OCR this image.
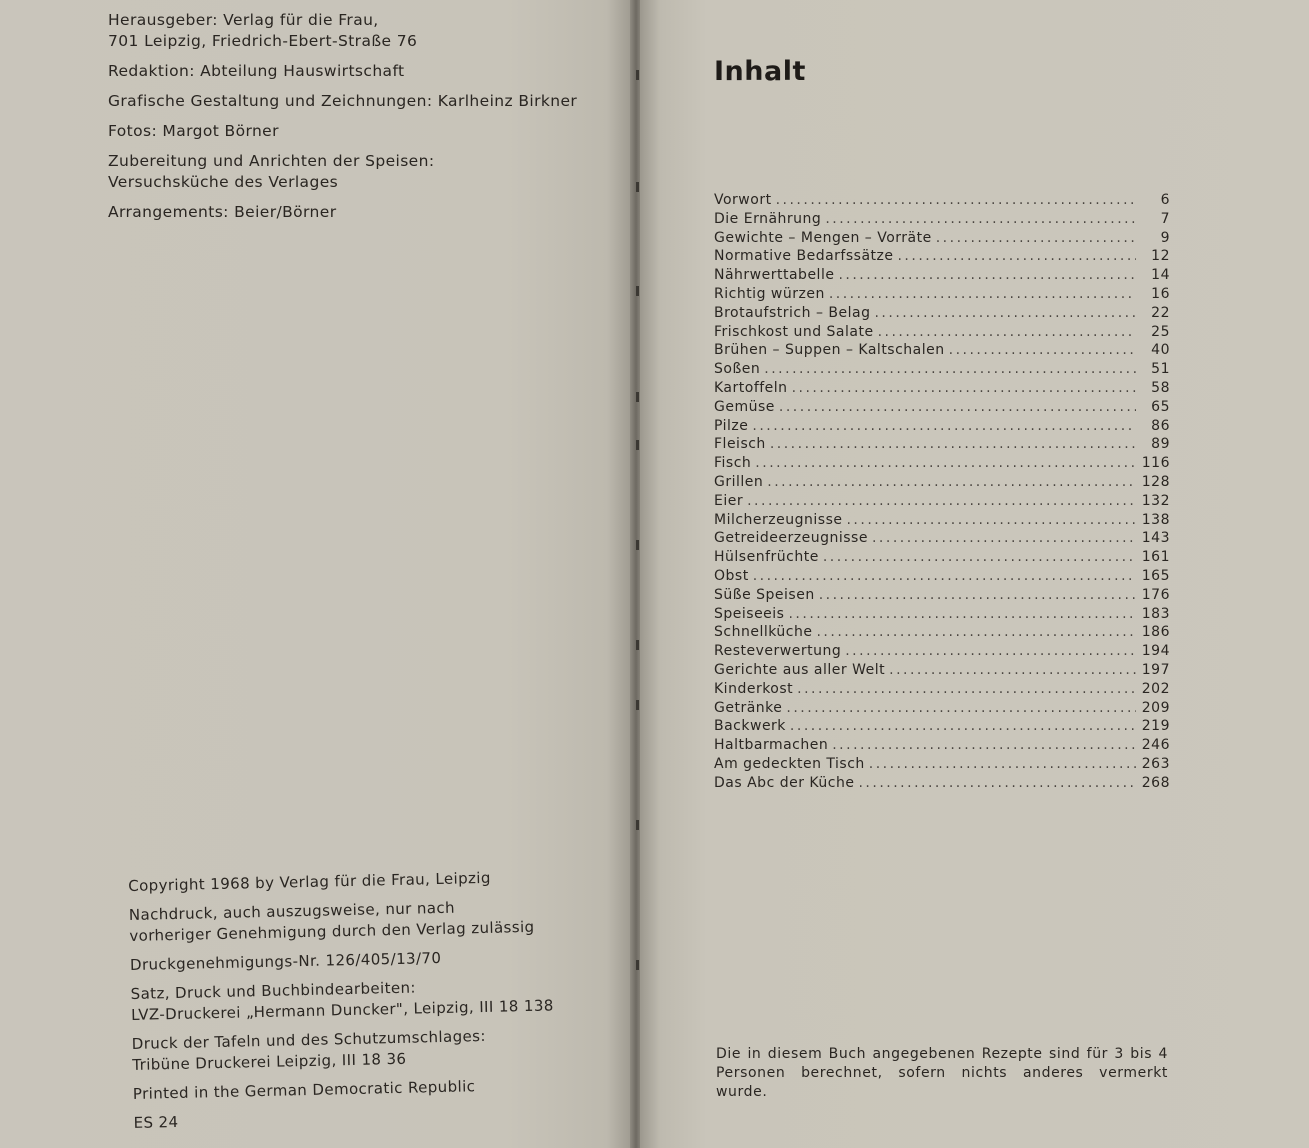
Herausgeber: Verlag für die Frau,

701 Leipzig, Friedrich-Ebert-Straße 76

Redaktion: Abteilung Hauswirtschaft

Grafische Gestaltung und Zeichnungen: Karlheinz Birkner

Fotos: Margot Börner

Zubereitung und Anrichten der Speisen:

Versuchsküche des Verlages

Arrangements: Beier/Börner

Copyright 1968 by Verlag für die Frau, Leipzig

Nachdruck, auch auszugsweise, nur nach

vorheriger Genehmigung durch den Verlag zulässig

Druckgenehmigungs-Nr. 126/405/13/70

Satz, Druck und Buchbindearbeiten:

LVZ-Druckerei „Hermann Duncker", Leipzig, III 18 138

Druck der Tafeln und des Schutzumschlages:

Tribüne Druckerei Leipzig, III 18 36

Printed in the German Democratic Republic

ES 24

Inhalt
Vorwort .....	6
Die Ernährung .....	7
Gewichte – Mengen – Vorräte .....	9
Normative Bedarfssätze .....	12
Nährwerttabelle .....	14
Richtig würzen .....	16
Brotaufstrich – Belag .....	22
Frischkost und Salate .....	25
Brühen – Suppen – Kaltschalen .....	40
Soßen .....	51
Kartoffeln .....	58
Gemüse .....	65
Pilze .....	86
Fleisch .....	89
Fisch .....	116
Grillen .....	128
Eier .....	132
Milcherzeugnisse .....	138
Getreideerzeugnisse .....	143
Hülsenfrüchte .....	161
Obst .....	165
Süße Speisen .....	176
Speiseeis .....	183
Schnellküche .....	186
Resteverwertung .....	194
Gerichte aus aller Welt .....	197
Kinderkost .....	202
Getränke .....	209
Backwerk .....	219
Haltbarmachen .....	246
Am gedeckten Tisch .....	263
Das Abc der Küche .....	268
Die in diesem Buch angegebenen Rezepte sind für 3 bis 4 Personen berechnet, sofern nichts anderes vermerkt wurde.
